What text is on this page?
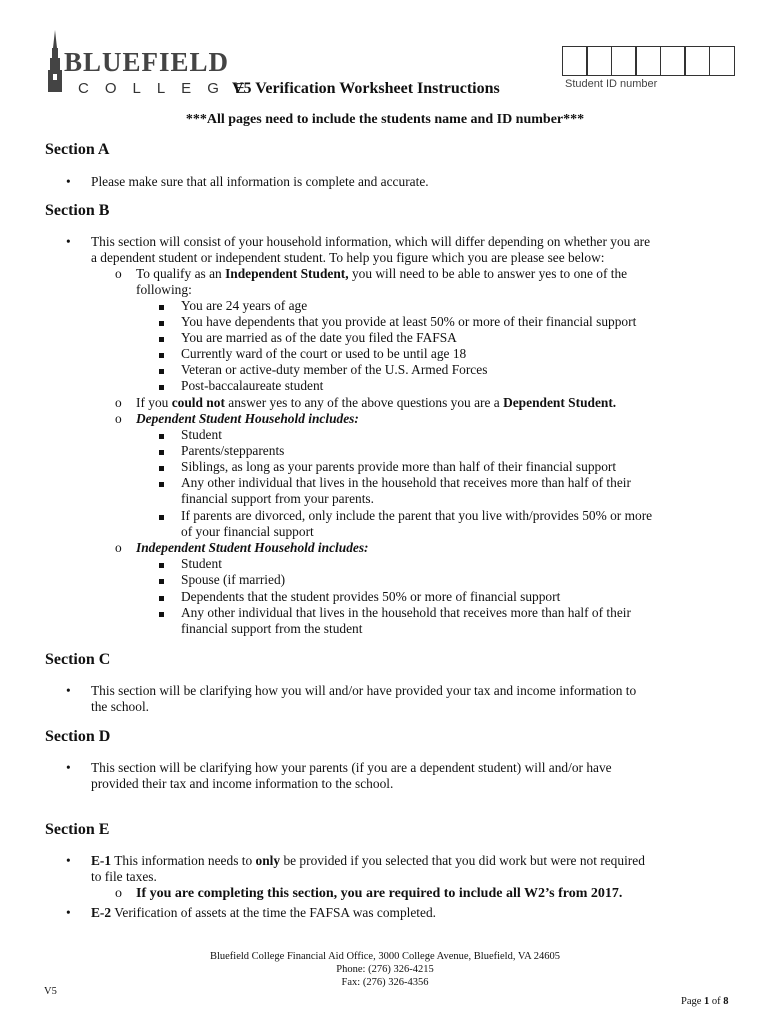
BLUEFIELD
COLLEGE
V5 Verification Worksheet Instructions	Student ID number
***All pages need to include the students name and ID number***
Section A
• Please make sure that all information is complete and accurate.
Section B
• This section will consist of your household information, which will differ depending on whether you are
a dependent student or independent student. To help you figure which you are please see below:
o To qualify as an Independent Student, you will need to be able to answer yes to one of the
following:
You are 24 years of age
You have dependents that you provide at least 50% or more of their financial support
You are married as of the date you filed the FAFSA
Currently ward of the court or used to be until age 18
Veteran or active-duty member of the U.S. Armed Forces
Post-baccalaureate student
o If you could not answer yes to any of the above questions you are a Dependent Student.
o Dependent Student Household includes:
Student
Parents/stepparents
Siblings, as long as your parents provide more than half of their financial support
Any other individual that lives in the household that receives more than half of their
financial support from your parents.
If parents are divorced, only include the parent that you live with/provides 50% or more
of your financial support
o Independent Student Household includes:
Student
Spouse (if married)
Dependents that the student provides 50% or more of financial support
Any other individual that lives in the household that receives more than half of their
financial support from the student
Section C
• This section will be clarifying how you will and/or have provided your tax and income information to
the school.
Section D
• This section will be clarifying how your parents (if you are a dependent student) will and/or have
provided their tax and income information to the school.
Section E
• E-1 This information needs to only be provided if you selected that you did work but were not required
to file taxes.
o If you are completing this section, you are required to include all W2’s from 2017.
• E-2 Verification of assets at the time the FAFSA was completed.
Bluefield College Financial Aid Office, 3000 College Avenue, Bluefield, VA 24605
Phone: (276) 326-4215
Fax: (276) 326-4356
V5
Page 1 of 8
